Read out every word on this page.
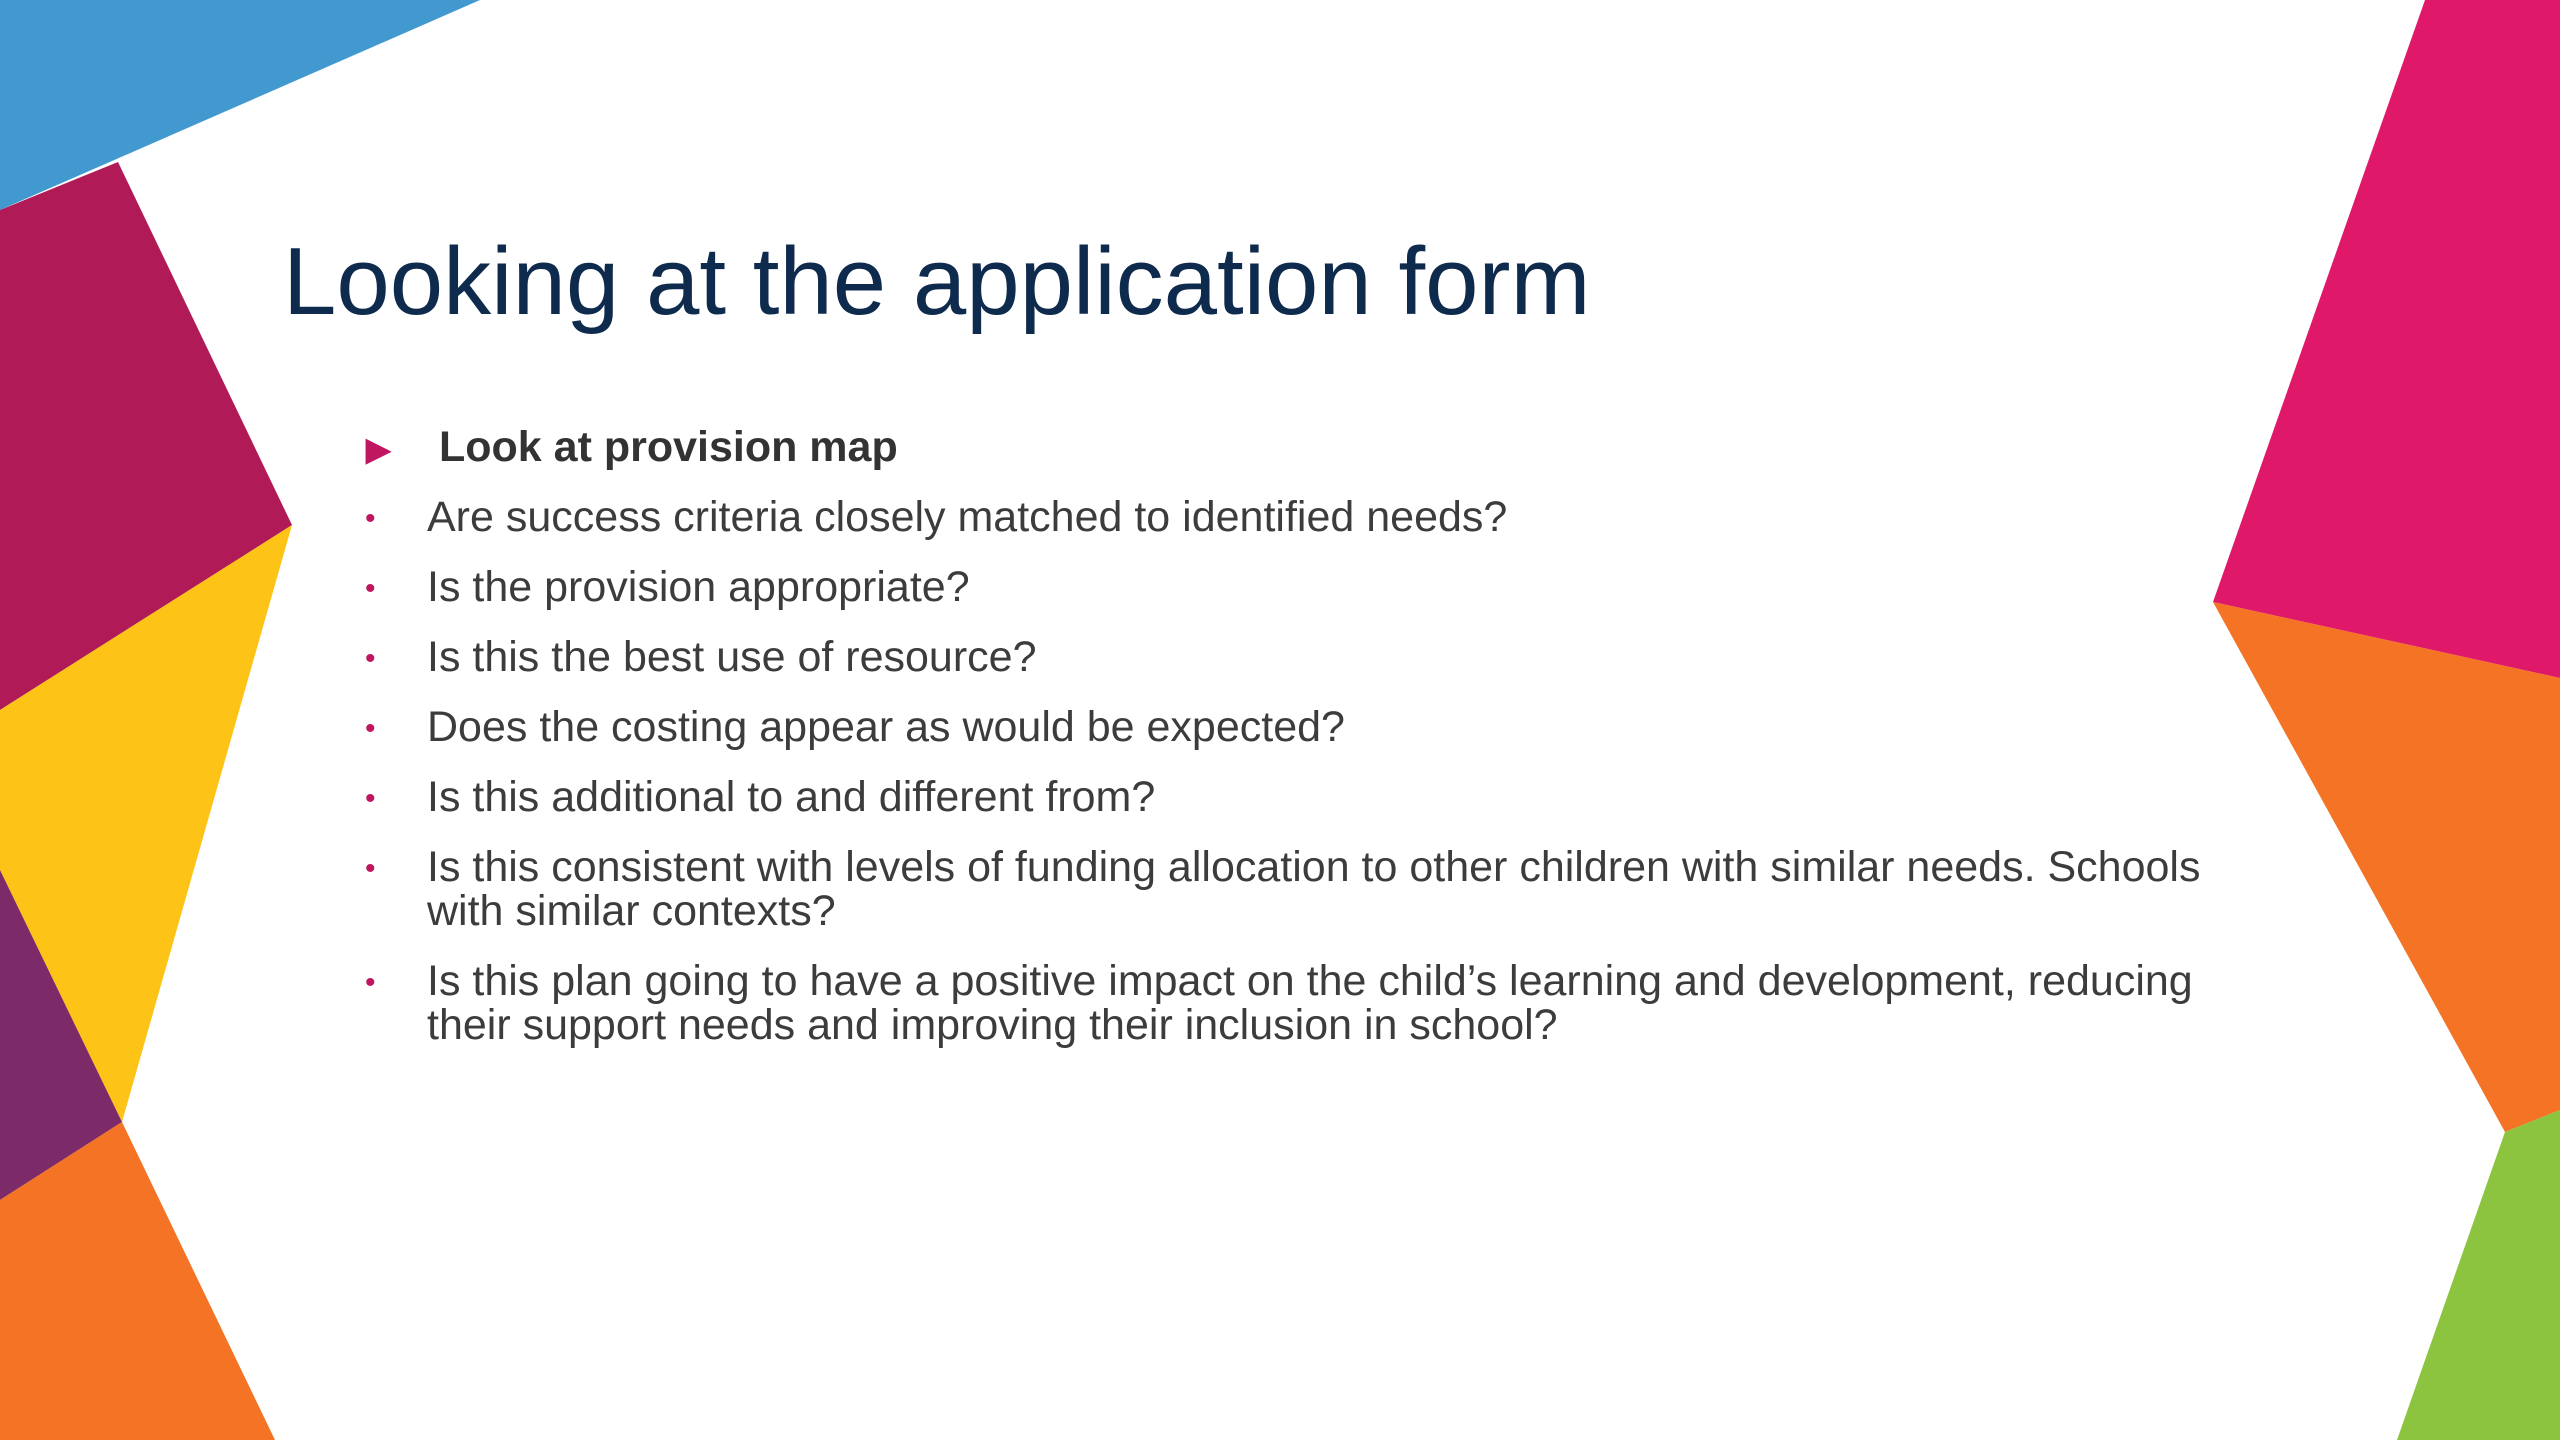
Looking at the application form
▶ Look at provision map
• Are success criteria closely matched to identified needs?
• Is the provision appropriate?
• Is this the best use of resource?
• Does the costing appear as would be expected?
• Is this additional to and different from?
• Is this consistent with levels of funding allocation to other children with similar needs. Schools with similar contexts?
• Is this plan going to have a positive impact on the child’s learning and development, reducing their support needs and improving their inclusion in school?
